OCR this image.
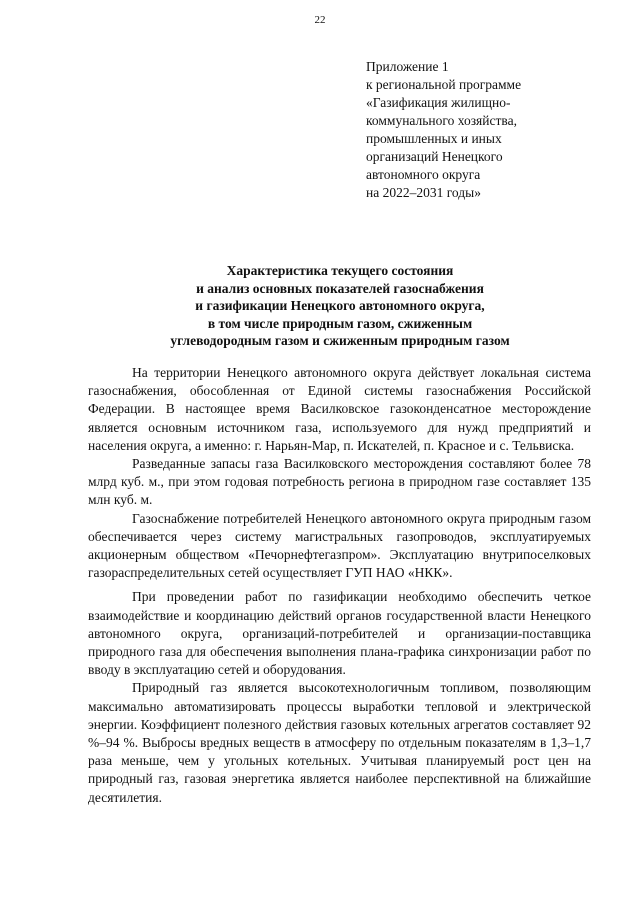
22
Приложение 1
к региональной программе
«Газификация жилищно-
коммунального хозяйства,
промышленных и иных
организаций Ненецкого
автономного округа
на 2022–2031 годы»
Характеристика текущего состояния
и анализ основных показателей газоснабжения
и газификации Ненецкого автономного округа,
в том числе природным газом, сжиженным
углеводородным газом и сжиженным природным газом

На территории Ненецкого автономного округа действует локальная система газоснабжения, обособленная от Единой системы газоснабжения Российской Федерации. В настоящее время Василковское газоконденсатное месторождение является основным источником газа, используемого для нужд предприятий и населения округа, а именно: г. Нарьян-Мар, п. Искателей, п. Красное и с. Тельвиска.

Разведанные запасы газа Василковского месторождения составляют более 78 млрд куб. м., при этом годовая потребность региона в природном газе составляет 135 млн куб. м.

Газоснабжение потребителей Ненецкого автономного округа природным газом обеспечивается через систему магистральных газопроводов, эксплуатируемых акционерным обществом «Печорнефтегазпром». Эксплуатацию внутрипоселковых газораспределительных сетей осуществляет ГУП НАО «НКК».

При проведении работ по газификации необходимо обеспечить четкое взаимодействие и координацию действий органов государственной власти Ненецкого автономного округа, организаций-потребителей и организации-поставщика природного газа для обеспечения выполнения плана-графика синхронизации работ по вводу в эксплуатацию сетей и оборудования.

Природный газ является высокотехнологичным топливом, позволяющим максимально автоматизировать процессы выработки тепловой и электрической энергии. Коэффициент полезного действия газовых котельных агрегатов составляет 92 %–94 %. Выбросы вредных веществ в атмосферу по отдельным показателям в 1,3–1,7 раза меньше, чем у угольных котельных. Учитывая планируемый рост цен на природный газ, газовая энергетика является наиболее перспективной на ближайшие десятилетия.
